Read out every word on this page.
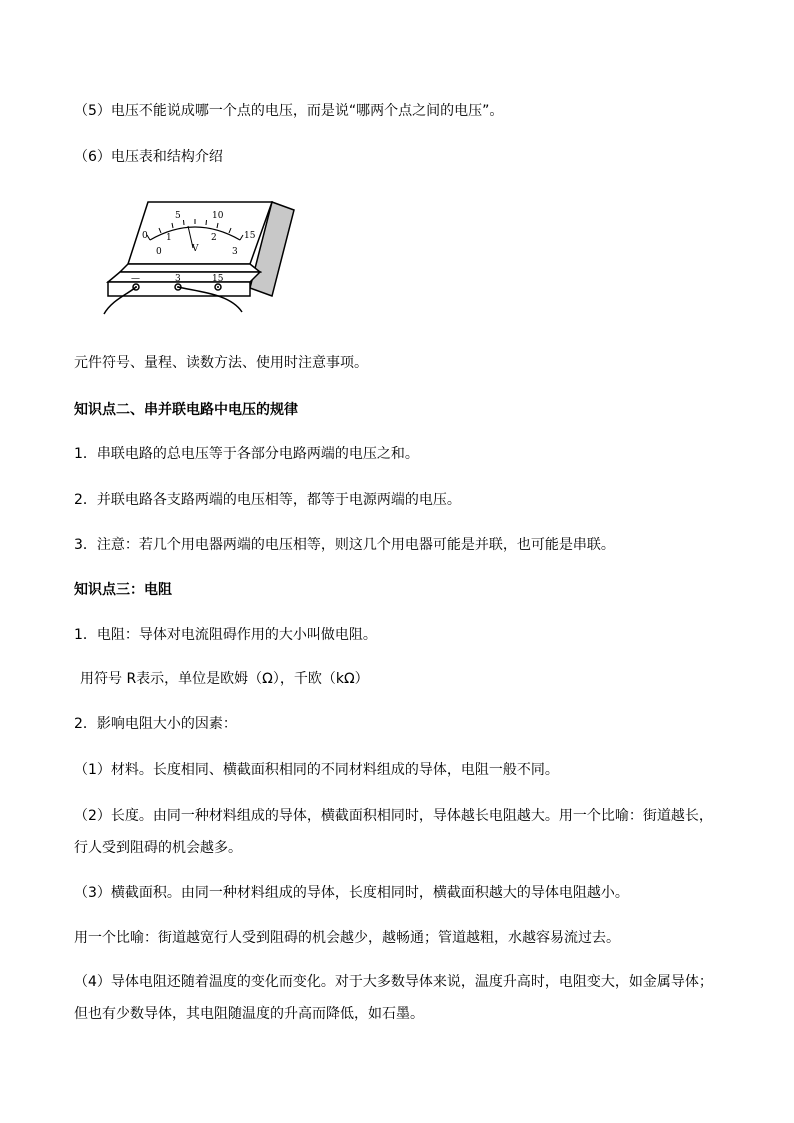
（5）电压不能说成哪一个点的电压，而是说“哪两个点之间的电压”。
（6）电压表和结构介绍
0
5	10
15
0
1	2
3
V
—	3	15
元件符号、量程、读数方法、使用时注意事项。
知识点二、串并联电路中电压的规律
1．串联电路的总电压等于各部分电路两端的电压之和。
2．并联电路各支路两端的电压相等，都等于电源两端的电压。
3．注意：若几个用电器两端的电压相等，则这几个用电器可能是并联，也可能是串联。
知识点三：电阻
1．电阻：导体对电流阻碍作用的大小叫做电阻。
用符号 R表示，单位是欧姆（Ω），千欧（kΩ）
2．影响电阻大小的因素：
（1）材料。长度相同、横截面积相同的不同材料组成的导体，电阻一般不同。
（2）长度。由同一种材料组成的导体，横截面积相同时，导体越长电阻越大。用一个比喻：街道越长，行人受到阻碍的机会越多。
（3）横截面积。由同一种材料组成的导体，长度相同时，横截面积越大的导体电阻越小。
用一个比喻：街道越宽行人受到阻碍的机会越少，越畅通；管道越粗，水越容易流过去。
（4）导体电阻还随着温度的变化而变化。对于大多数导体来说，温度升高时，电阻变大，如金属导体；但也有少数导体，其电阻随温度的升高而降低，如石墨。
